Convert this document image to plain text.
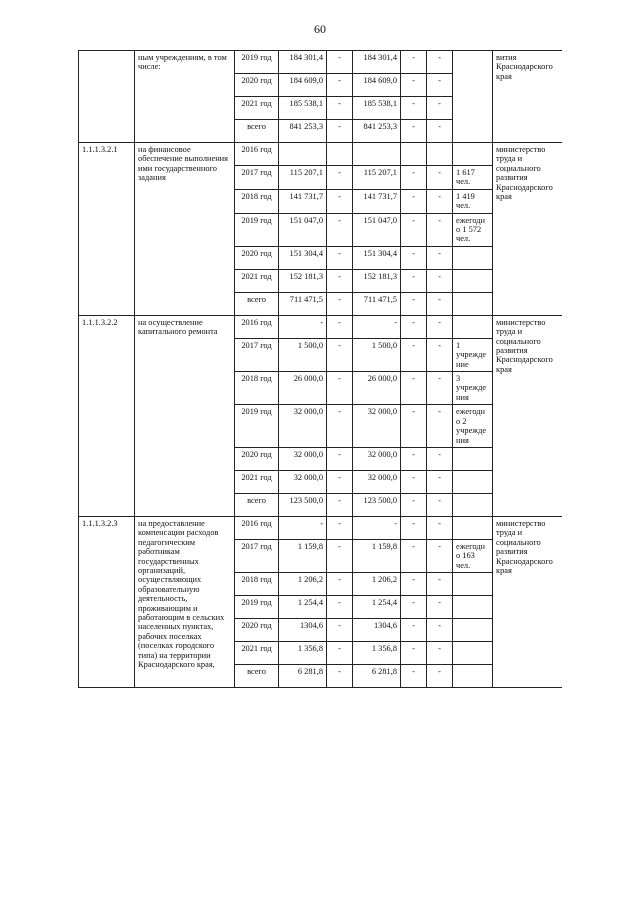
60
	ным учреждениям, в том числе:	2019 год	184 301,4	-	184 301,4	-	-		вития Краснодарского края
		2020 год	184 609,0	-	184 609,0	-	-		
		2021 год	185 538,1	-	185 538,1	-	-		
		всего	841 253,3	-	841 253,3	-	-		
1.1.1.3.2.1	на финансовое обеспечение выполнения ими государственного задания	2016 год							министерство труда и социального развития Краснодарского края
		2017 год	115 207,1	-	115 207,1	-	-	1 617 чел.	
		2018 год	141 731,7	-	141 731,7	-	-	1 419 чел.	
		2019 год	151 047,0	-	151 047,0	-	-	ежегодно 1 572 чел.	
		2020 год	151 304,4	-	151 304,4	-	-		
		2021 год	152 181,3	-	152 181,3	-	-		
		всего	711 471,5	-	711 471,5	-	-		
1.1.1.3.2.2	на осуществление капитального ремонта	2016 год	-	-	-	-	-		министерство труда и социального развития Краснодарского края
		2017 год	1 500,0	-	1 500,0	-	-	1 учреждение	
		2018 год	26 000,0	-	26 000,0	-	-	3 учреждения	
		2019 год	32 000,0	-	32 000,0	-	-	ежегодно 2 учреждения	
		2020 год	32 000,0	-	32 000,0	-	-		
		2021 год	32 000,0	-	32 000,0	-	-		
		всего	123 500,0	-	123 500,0	-	-		
1.1.1.3.2.3	на предоставление компенсации расходов педагогическим работникам государственных организаций, осуществляющих образовательную деятельность, проживающим и работающим в сельских населенных пунктах, рабочих поселках (поселках городского типа) на территории Краснодарского края,	2016 год	-	-	-	-	-		министерство труда и социального развития Краснодарского края
		2017 год	1 159,8	-	1 159,8	-	-	ежегодно 163 чел.	
		2018 год	1 206,2	-	1 206,2	-	-		
		2019 год	1 254,4	-	1 254,4	-	-		
		2020 год	1304,6	-	1304,6	-	-		
		2021 год	1 356,8	-	1 356,8	-	-		
		всего	6 281,8	-	6 281,8	-	-		
